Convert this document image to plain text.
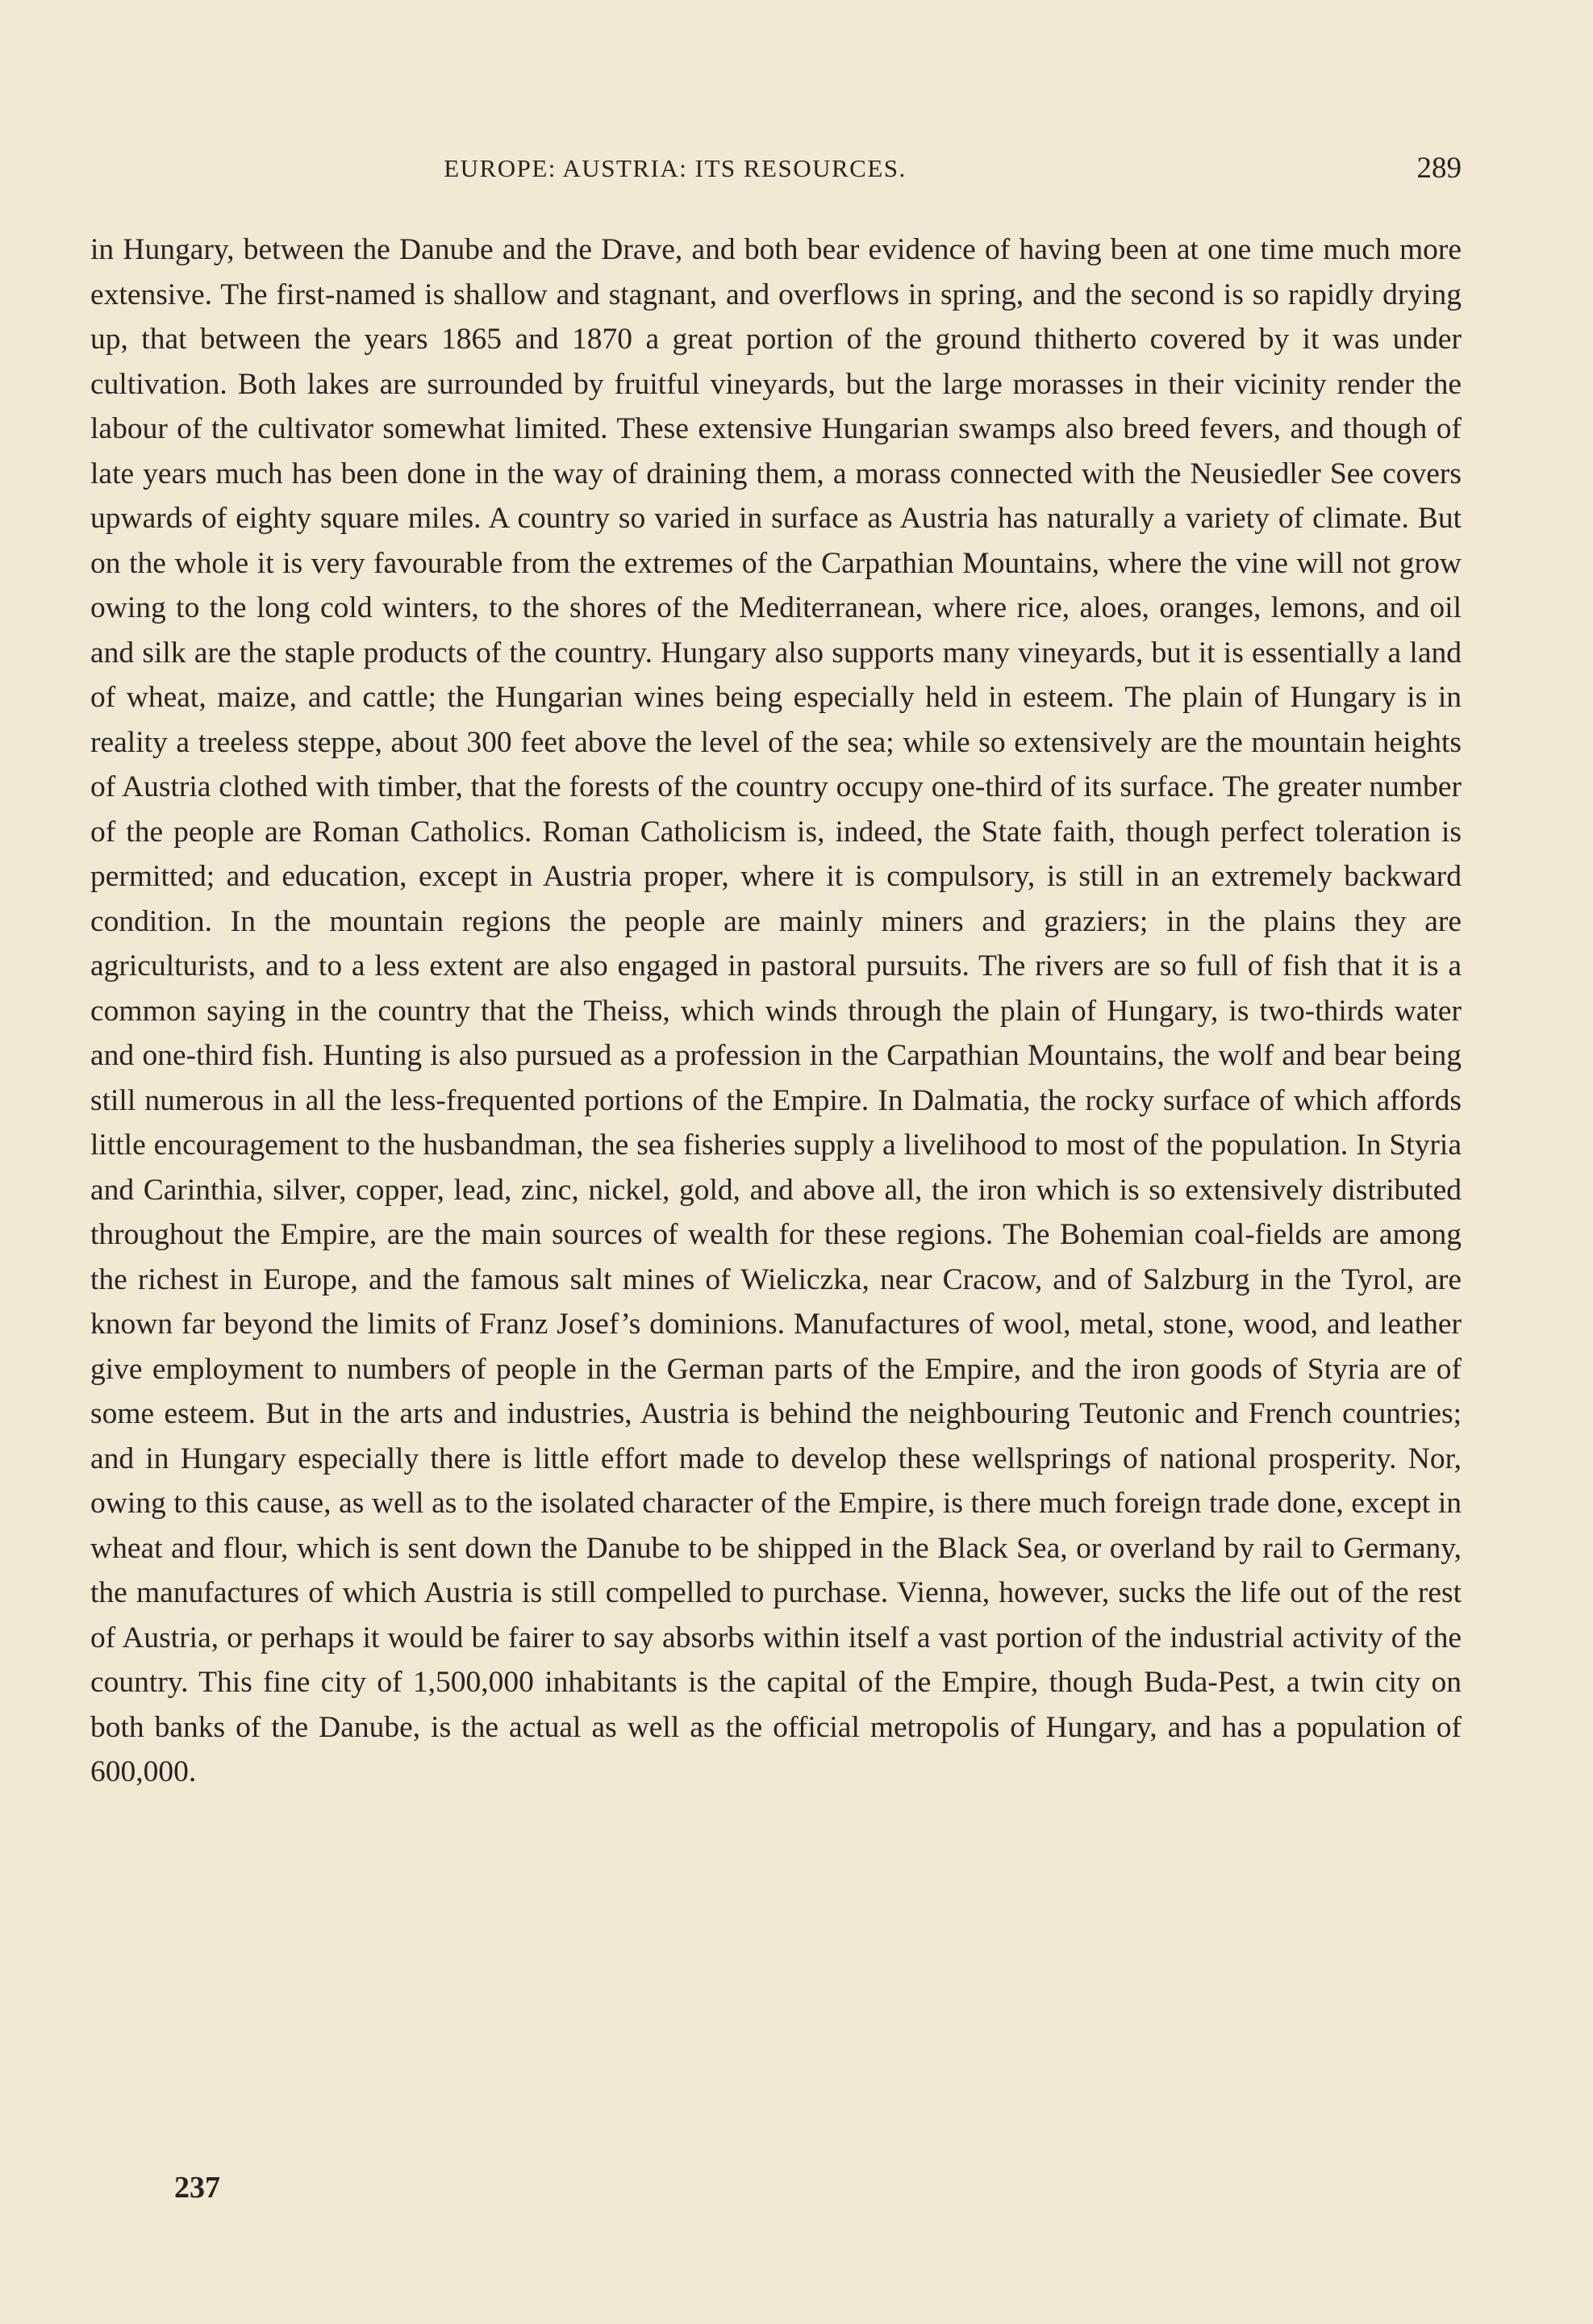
EUROPE: AUSTRIA: ITS RESOURCES.	289

in Hungary, between the Danube and the Drave, and both bear evidence of having been at one time much more extensive. The first-named is shallow and stagnant, and overflows in spring, and the second is so rapidly drying up, that between the years 1865 and 1870 a great portion of the ground thitherto covered by it was under cultivation. Both lakes are surrounded by fruitful vineyards, but the large morasses in their vicinity render the labour of the cultivator somewhat limited. These extensive Hungarian swamps also breed fevers, and though of late years much has been done in the way of draining them, a morass connected with the Neusiedler See covers upwards of eighty square miles. A country so varied in surface as Austria has naturally a variety of climate. But on the whole it is very favourable from the extremes of the Carpathian Mountains, where the vine will not grow owing to the long cold winters, to the shores of the Mediterranean, where rice, aloes, oranges, lemons, and oil and silk are the staple products of the country. Hungary also supports many vineyards, but it is essentially a land of wheat, maize, and cattle; the Hungarian wines being especially held in esteem. The plain of Hungary is in reality a treeless steppe, about 300 feet above the level of the sea; while so extensively are the mountain heights of Austria clothed with timber, that the forests of the country occupy one-third of its surface. The greater number of the people are Roman Catholics. Roman Catholicism is, indeed, the State faith, though perfect toleration is permitted; and education, except in Austria proper, where it is compulsory, is still in an extremely backward condition. In the mountain regions the people are mainly miners and graziers; in the plains they are agriculturists, and to a less extent are also engaged in pastoral pursuits. The rivers are so full of fish that it is a common saying in the country that the Theiss, which winds through the plain of Hungary, is two-thirds water and one-third fish. Hunting is also pursued as a profession in the Carpathian Mountains, the wolf and bear being still numerous in all the less-frequented portions of the Empire. In Dalmatia, the rocky surface of which affords little encouragement to the husbandman, the sea fisheries supply a livelihood to most of the population. In Styria and Carinthia, silver, copper, lead, zinc, nickel, gold, and above all, the iron which is so extensively distributed throughout the Empire, are the main sources of wealth for these regions. The Bohemian coal-fields are among the richest in Europe, and the famous salt mines of Wieliczka, near Cracow, and of Salzburg in the Tyrol, are known far beyond the limits of Franz Josef’s dominions. Manufactures of wool, metal, stone, wood, and leather give employment to numbers of people in the German parts of the Empire, and the iron goods of Styria are of some esteem. But in the arts and industries, Austria is behind the neighbouring Teutonic and French countries; and in Hungary especially there is little effort made to develop these wellsprings of national prosperity. Nor, owing to this cause, as well as to the isolated character of the Empire, is there much foreign trade done, except in wheat and flour, which is sent down the Danube to be shipped in the Black Sea, or overland by rail to Germany, the manufactures of which Austria is still compelled to purchase. Vienna, however, sucks the life out of the rest of Austria, or perhaps it would be fairer to say absorbs within itself a vast portion of the industrial activity of the country. This fine city of 1,500,000 inhabitants is the capital of the Empire, though Buda-Pest, a twin city on both banks of the Danube, is the actual as well as the official metropolis of Hungary, and has a population of 600,000.

237
